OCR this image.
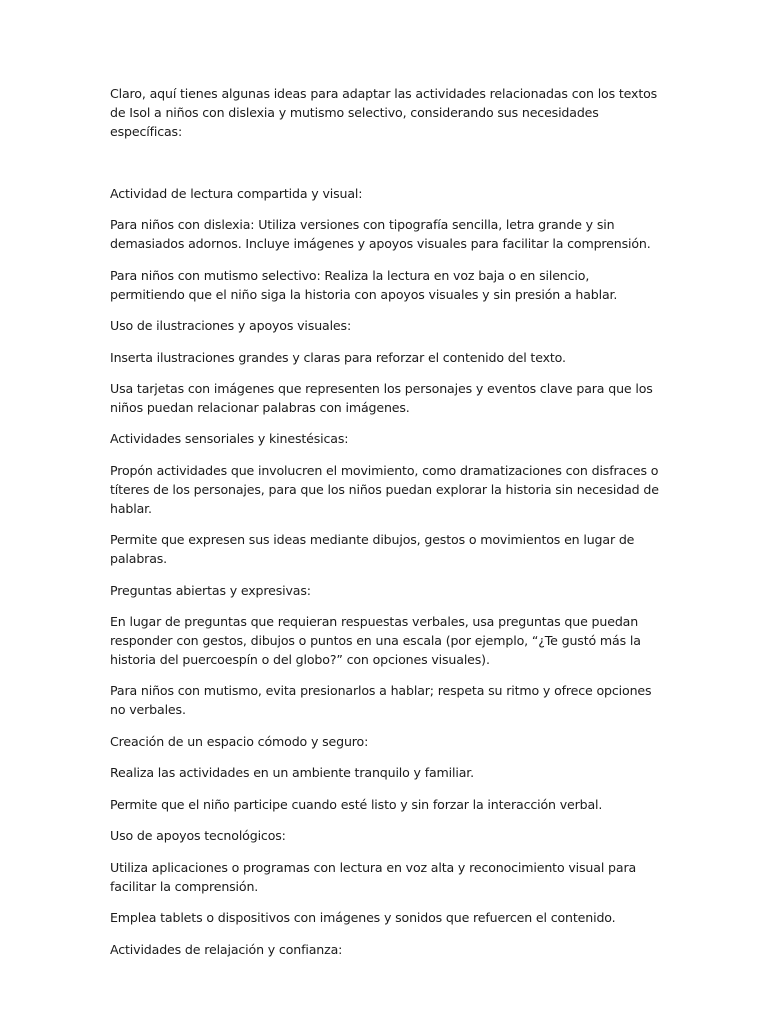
Claro, aquí tienes algunas ideas para adaptar las actividades relacionadas con los textos de Isol a niños con dislexia y mutismo selectivo, considerando sus necesidades específicas:

Actividad de lectura compartida y visual:

Para niños con dislexia: Utiliza versiones con tipografía sencilla, letra grande y sin demasiados adornos. Incluye imágenes y apoyos visuales para facilitar la comprensión.

Para niños con mutismo selectivo: Realiza la lectura en voz baja o en silencio, permitiendo que el niño siga la historia con apoyos visuales y sin presión a hablar.

Uso de ilustraciones y apoyos visuales:

Inserta ilustraciones grandes y claras para reforzar el contenido del texto.

Usa tarjetas con imágenes que representen los personajes y eventos clave para que los niños puedan relacionar palabras con imágenes.

Actividades sensoriales y kinestésicas:

Propón actividades que involucren el movimiento, como dramatizaciones con disfraces o títeres de los personajes, para que los niños puedan explorar la historia sin necesidad de hablar.

Permite que expresen sus ideas mediante dibujos, gestos o movimientos en lugar de palabras.

Preguntas abiertas y expresivas:

En lugar de preguntas que requieran respuestas verbales, usa preguntas que puedan responder con gestos, dibujos o puntos en una escala (por ejemplo, “¿Te gustó más la historia del puercoespín o del globo?” con opciones visuales).

Para niños con mutismo, evita presionarlos a hablar; respeta su ritmo y ofrece opciones no verbales.

Creación de un espacio cómodo y seguro:

Realiza las actividades en un ambiente tranquilo y familiar.

Permite que el niño participe cuando esté listo y sin forzar la interacción verbal.

Uso de apoyos tecnológicos:

Utiliza aplicaciones o programas con lectura en voz alta y reconocimiento visual para facilitar la comprensión.

Emplea tablets o dispositivos con imágenes y sonidos que refuercen el contenido.

Actividades de relajación y confianza:
